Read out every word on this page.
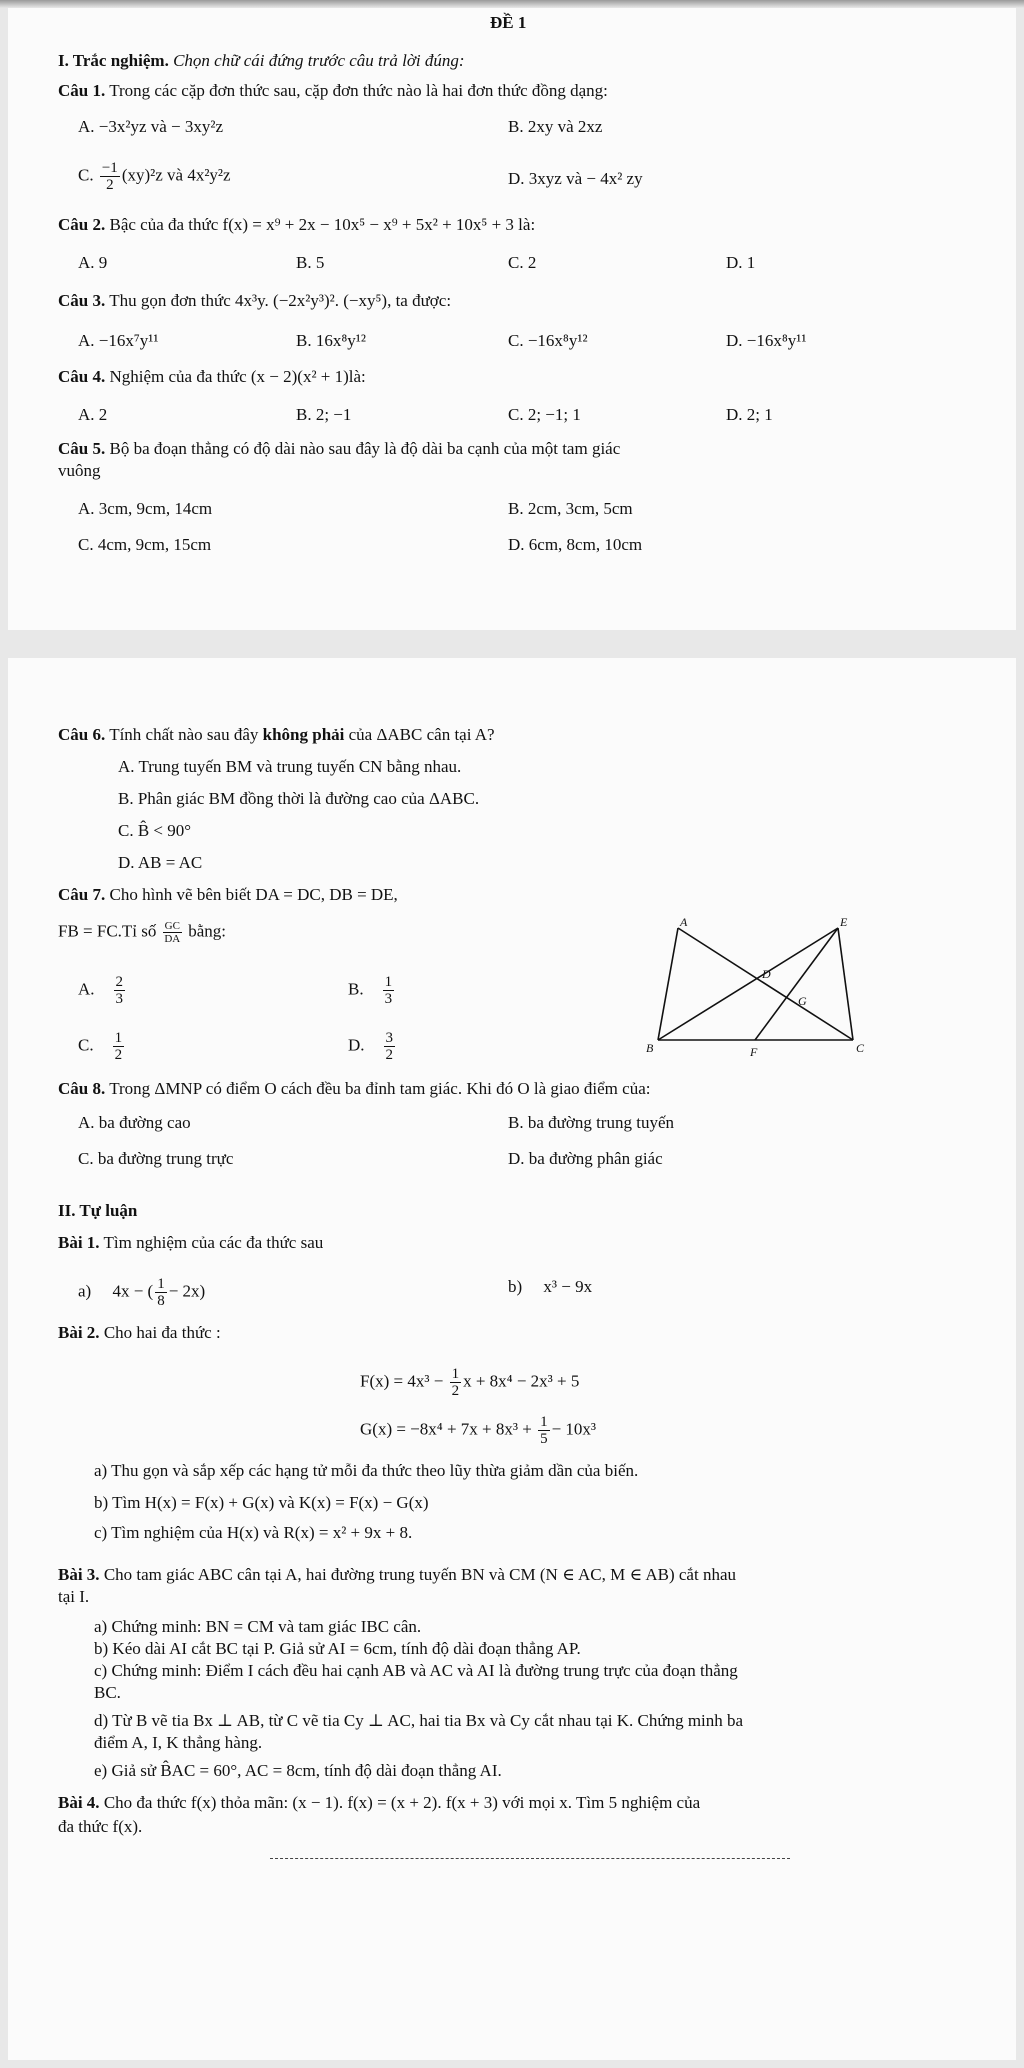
ĐỀ 1
I. Trắc nghiệm. Chọn chữ cái đứng trước câu trả lời đúng:
Câu 1. Trong các cặp đơn thức sau, cặp đơn thức nào là hai đơn thức đồng dạng:
A. −3x²yz và − 3xy²z	B. 2xy và 2xz
C. $\frac{-1}{2} (xy)^2z$ và 4x²y²z	D. 3xyz và − 4x² zy
Câu 2. Bậc của đa thức f(x) = x⁹ + 2x − 10x⁵ − x⁹ + 5x² + 10x⁵ + 3 là:
A. 9	B. 5	C. 2	D. 1
Câu 3. Thu gọn đơn thức 4x³y. (−2x²y³)². (−xy⁵), ta được:
A. −16x⁷y¹¹	B. 16x⁸y¹²	C. −16x⁸y¹²	D. −16x⁸y¹¹
Câu 4. Nghiệm của đa thức (x − 2)(x² + 1)là:
A. 2	B. 2; −1	C. 2; −1; 1	D. 2; 1
Câu 5. Bộ ba đoạn thẳng có độ dài nào sau đây là độ dài ba cạnh của một tam giác
vuông
A. 3cm, 9cm, 14cm	B. 2cm, 3cm, 5cm
C. 4cm, 9cm, 15cm	D. 6cm, 8cm, 10cm
Câu 6. Tính chất nào sau đây không phải của ΔABC cân tại A?
A. Trung tuyến BM và trung tuyến CN bằng nhau.
B. Phân giác BM đồng thời là đường cao của ΔABC.
C. B̂ < 90°
D. AB = AC
Câu 7. Cho hình vẽ bên biết DA = DC, DB = DE,
FB = FC.Tỉ số $\frac{GC}{DA}$ bằng:
A. $\frac{2}{3}$	B. $\frac{1}{3}$
C. $\frac{1}{2}$	D. $\frac{3}{2}$
A	E
D
G
B	F	C
Câu 8. Trong ΔMNP có điểm O cách đều ba đỉnh tam giác. Khi đó O là giao điểm của:
A. ba đường cao	B. ba đường trung tuyến
C. ba đường trung trực	D. ba đường phân giác
II. Tự luận
Bài 1. Tìm nghiệm của các đa thức sau
a) 4x − ( $\frac{1}{8} - 2x$)	b) x³ − 9x
Bài 2. Cho hai đa thức :
$F(x) = 4x^3 - \frac{1}{2}$ x + 8x⁴ − 2x³ + 5
$G(x) = -8x^4 + 7x + 8x^3 + \frac{1}{5} - 10x^3$
a) Thu gọn và sắp xếp các hạng tử mỗi đa thức theo lũy thừa giảm dần của biến.
b) Tìm H(x) = F(x) + G(x) và K(x) = F(x) − G(x)
c) Tìm nghiệm của H(x) và R(x) = x² + 9x + 8.
Bài 3. Cho tam giác ABC cân tại A, hai đường trung tuyến BN và CM (N ∈ AC, M ∈ AB) cắt nhau
tại I.
a) Chứng minh: BN = CM và tam giác IBC cân.
b) Kéo dài AI cắt BC tại P. Giả sử AI = 6cm, tính độ dài đoạn thẳng AP.
c) Chứng minh: Điểm I cách đều hai cạnh AB và AC và AI là đường trung trực của đoạn thẳng
BC.
d) Từ B vẽ tia Bx ⊥ AB, từ C vẽ tia Cy ⊥ AC, hai tia Bx và Cy cắt nhau tại K. Chứng minh ba
điểm A, I, K thẳng hàng.
e) Giả sử B̂AC = 60°, AC = 8cm, tính độ dài đoạn thẳng AI.
Bài 4. Cho đa thức f(x) thỏa mãn: (x − 1). f(x) = (x + 2). f(x + 3) với mọi x. Tìm 5 nghiệm của
đa thức f(x).
